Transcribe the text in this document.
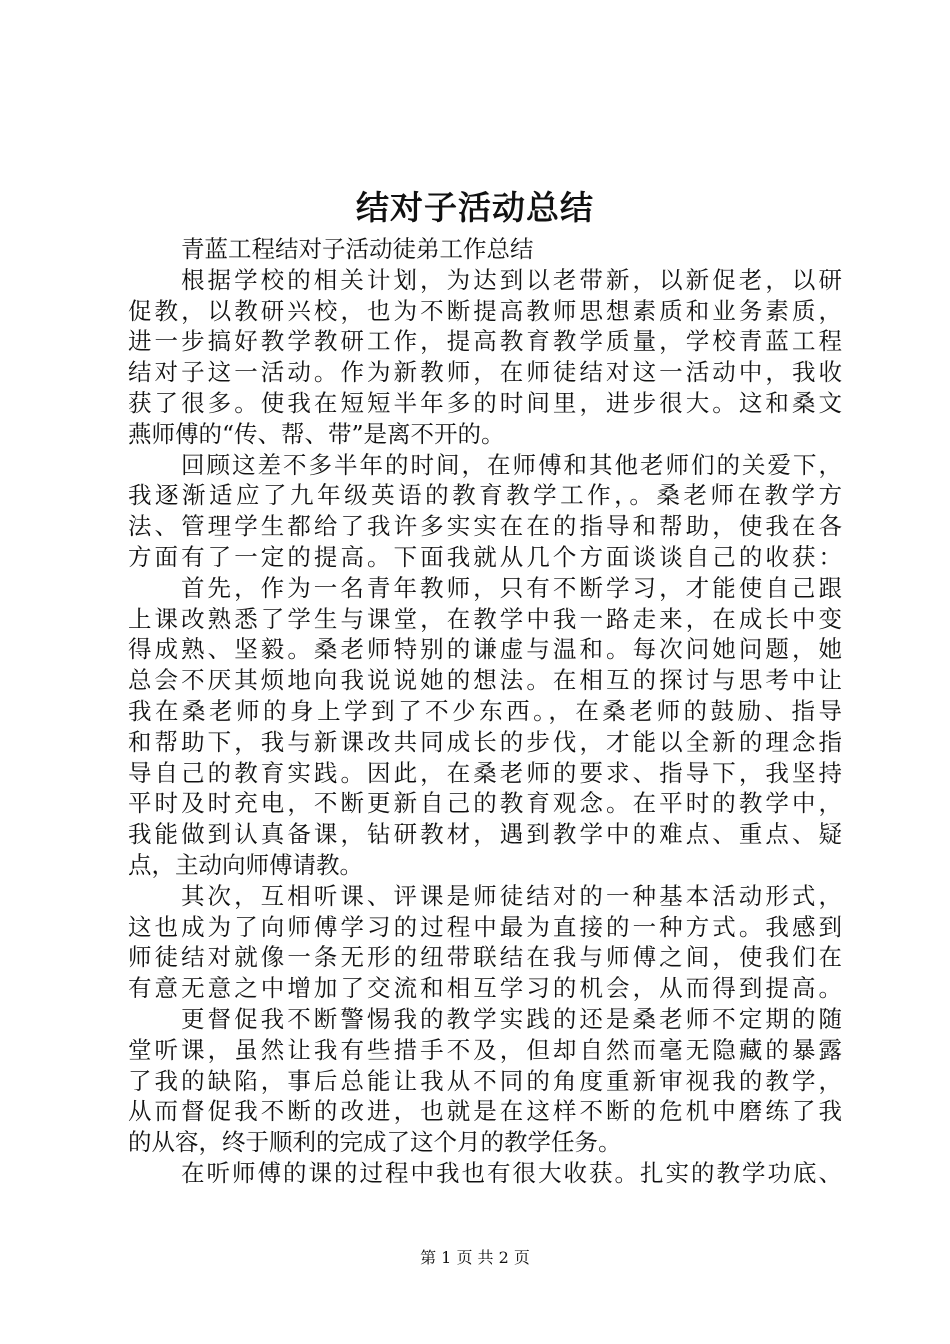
结对子活动总结
青蓝工程结对子活动徒弟工作总结
根据学校的相关计划，为达到以老带新，以新促老，以研
促教，以教研兴校，也为不断提高教师思想素质和业务素质，
进一步搞好教学教研工作，提高教育教学质量，学校青蓝工程
结对子这一活动。作为新教师，在师徒结对这一活动中，我收
获了很多。使我在短短半年多的时间里，进步很大。这和桑文
燕师傅的“传、帮、带”是离不开的。
回顾这差不多半年的时间，在师傅和其他老师们的关爱下，
我逐渐适应了九年级英语的教育教学工作，。桑老师在教学方
法、管理学生都给了我许多实实在在的指导和帮助，使我在各
方面有了一定的提高。下面我就从几个方面谈谈自己的收获：
首先，作为一名青年教师，只有不断学习，才能使自己跟
上课改熟悉了学生与课堂，在教学中我一路走来，在成长中变
得成熟、坚毅。桑老师特别的谦虚与温和。每次问她问题，她
总会不厌其烦地向我说说她的想法。在相互的探讨与思考中让
我在桑老师的身上学到了不少东西。，在桑老师的鼓励、指导
和帮助下，我与新课改共同成长的步伐，才能以全新的理念指
导自己的教育实践。因此，在桑老师的要求、指导下，我坚持
平时及时充电，不断更新自己的教育观念。在平时的教学中，
我能做到认真备课，钻研教材，遇到教学中的难点、重点、疑
点，主动向师傅请教。
其次，互相听课、评课是师徒结对的一种基本活动形式，
这也成为了向师傅学习的过程中最为直接的一种方式。我感到
师徒结对就像一条无形的纽带联结在我与师傅之间，使我们在
有意无意之中增加了交流和相互学习的机会，从而得到提高。
更督促我不断警惕我的教学实践的还是桑老师不定期的随
堂听课，虽然让我有些措手不及，但却自然而毫无隐藏的暴露
了我的缺陷，事后总能让我从不同的角度重新审视我的教学，
从而督促我不断的改进，也就是在这样不断的危机中磨练了我
的从容，终于顺利的完成了这个月的教学任务。
在听师傅的课的过程中我也有很大收获。扎实的教学功底、
第 1 页 共 2 页
